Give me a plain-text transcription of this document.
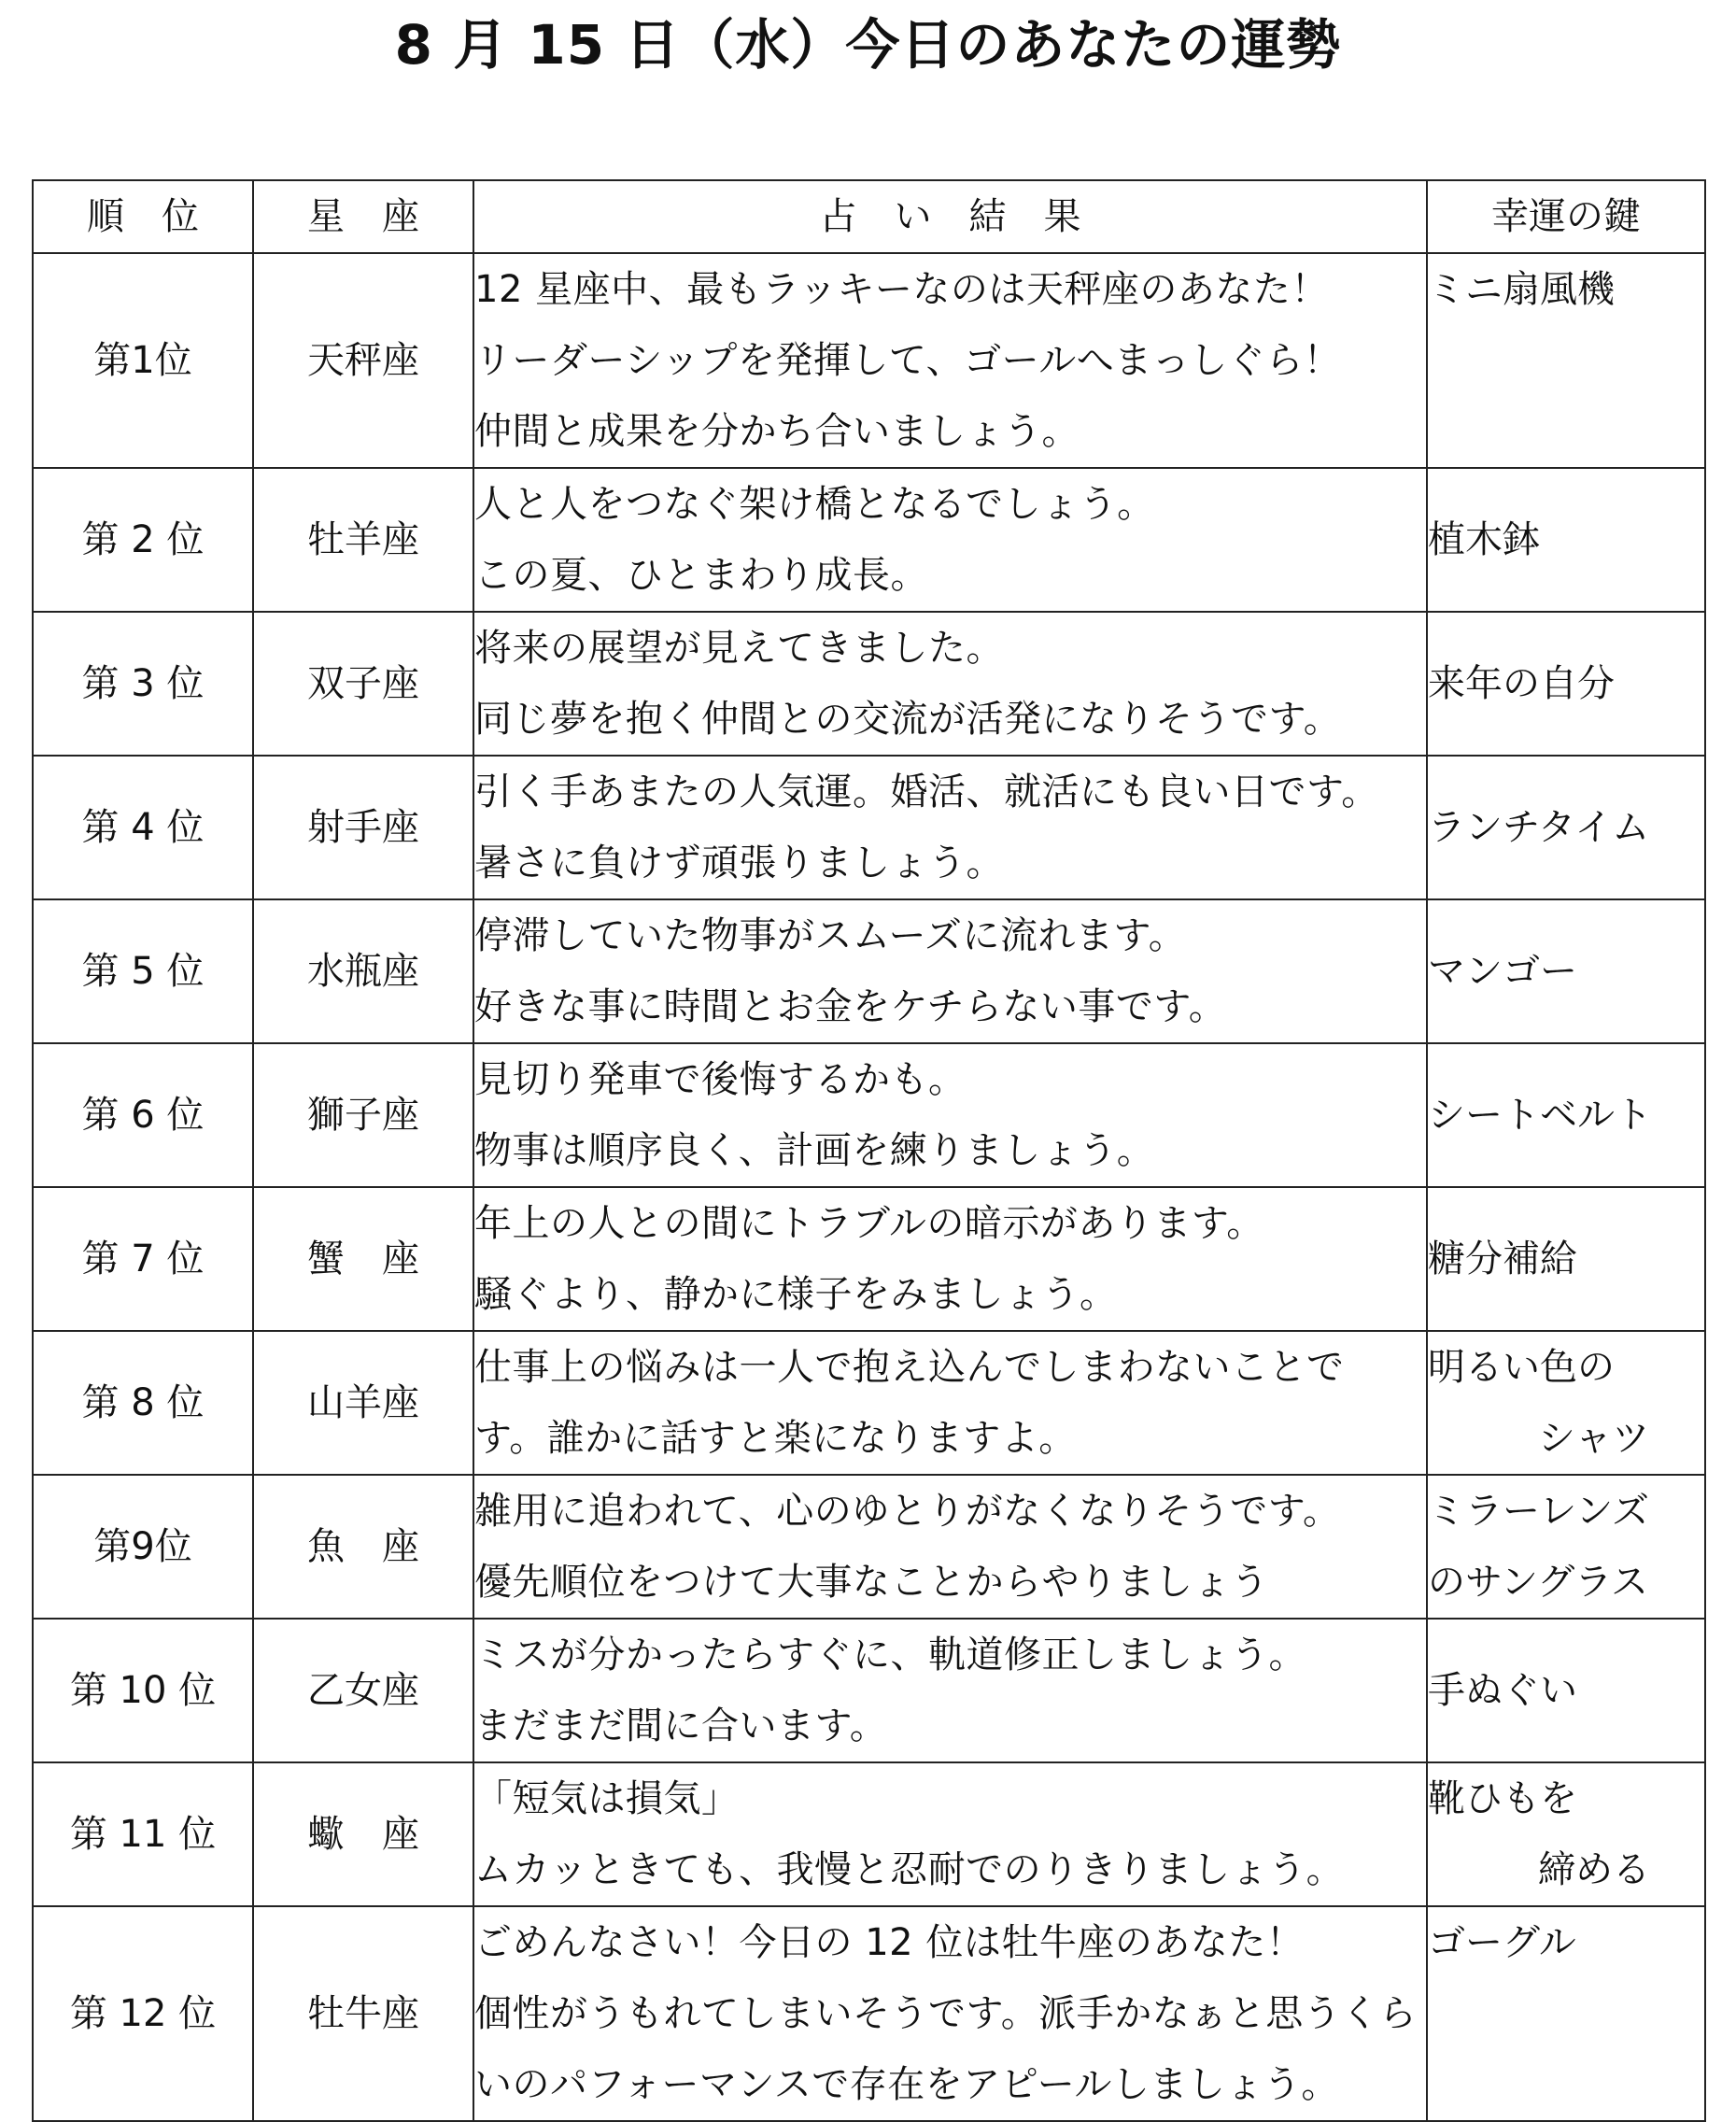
8 月 15 日（水）今日のあなたの運勢
順　位	星　座	占　い　結　果	幸運の鍵
第1位	天秤座	12 星座中、最もラッキーなのは天秤座のあなた！
リーダーシップを発揮して、ゴールへまっしぐら！
仲間と成果を分かち合いましょう。	ミニ扇風機

第 2 位	牡羊座	人と人をつなぐ架け橋となるでしょう。
この夏、ひとまわり成長。	植木鉢

第 3 位	双子座	将来の展望が見えてきました。
同じ夢を抱く仲間との交流が活発になりそうです。	来年の自分

第 4 位	射手座	引く手あまたの人気運。婚活、就活にも良い日です。
暑さに負けず頑張りましょう。	ランチタイム

第 5 位	水瓶座	停滞していた物事がスムーズに流れます。
好きな事に時間とお金をケチらない事です。	マンゴー

第 6 位	獅子座	見切り発車で後悔するかも。
物事は順序良く、計画を練りましょう。	シートベルト

第 7 位	蟹　座	年上の人との間にトラブルの暗示があります。
騒ぐより、静かに様子をみましょう。	糖分補給

第 8 位	山羊座	仕事上の悩みは一人で抱え込んでしまわないことで
す。誰かに話すと楽になりますよ。	明るい色の
シャツ

第9位	魚　座	雑用に追われて、心のゆとりがなくなりそうです。
優先順位をつけて大事なことからやりましょう	ミラーレンズ
のサングラス

第 10 位	乙女座	ミスが分かったらすぐに、軌道修正しましょう。
まだまだ間に合います。	手ぬぐい

第 11 位	蠍　座	「短気は損気」
ムカッときても、我慢と忍耐でのりきりましょう。	靴ひもを
締める

第 12 位	牡牛座	ごめんなさい！今日の 12 位は牡牛座のあなた！
個性がうもれてしまいそうです。派手かなぁと思うくら
いのパフォーマンスで存在をアピールしましょう。	ゴーグル
